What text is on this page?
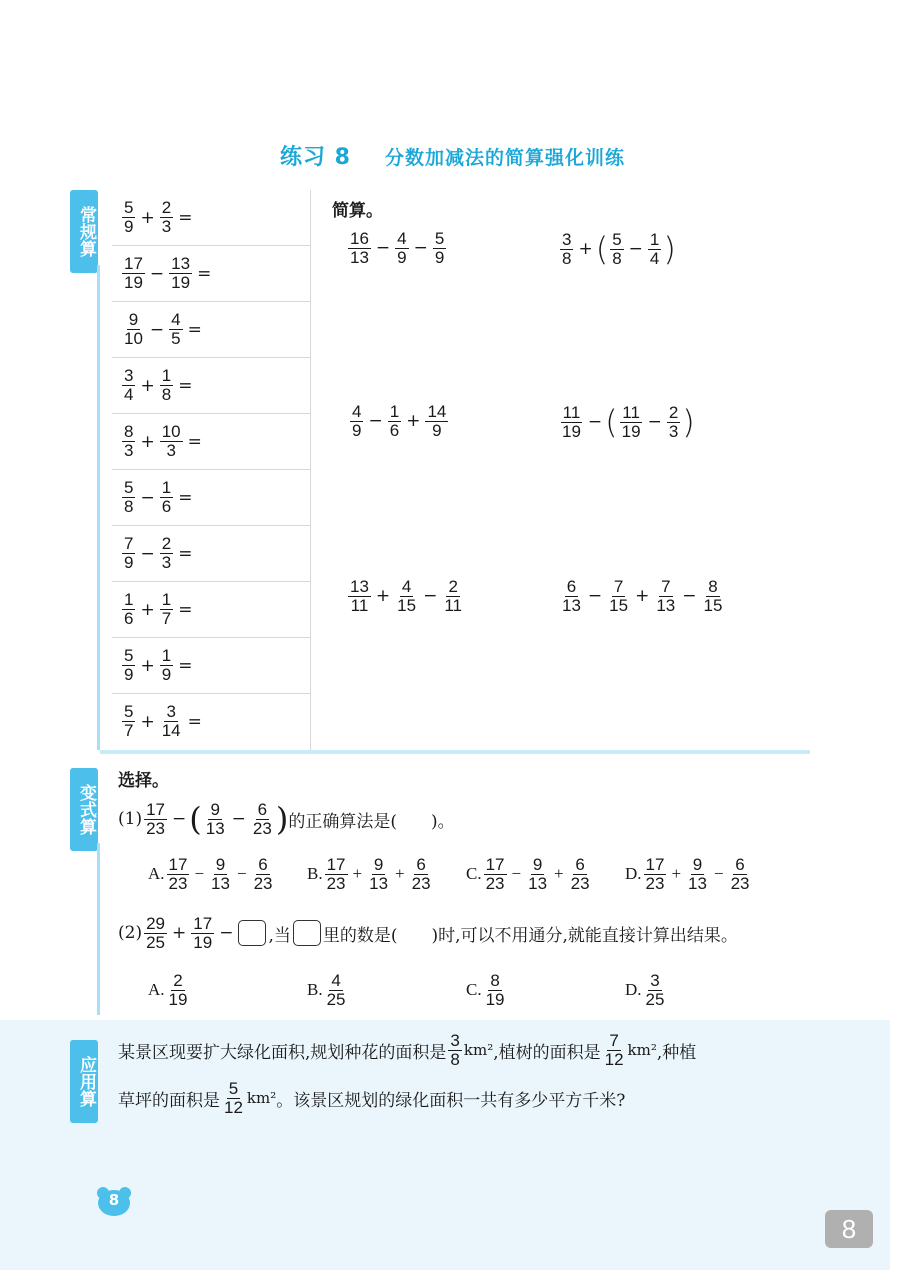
练习 8 分数加减法的简算强化训练
常规算
变式算
$\frac{5}{9} + \frac{2}{3}$ =
$\frac{17}{19} - \frac{13}{19}$ =
$\frac{9}{10} - \frac{4}{5}$ =
$\frac{3}{4} + \frac{1}{8}$ =
$\frac{8}{3} + \frac{10}{3}$ =
$\frac{5}{8} - \frac{1}{6}$ =
$\frac{7}{9} - \frac{2}{3}$ =
$\frac{1}{6} + \frac{1}{7}$ =
$\frac{5}{9} + \frac{1}{9}$ =
$\frac{5}{7} + \frac{3}{14}$ =
简算。
$\frac{16}{13} - \frac{4}{9} - \frac{5}{9}$	$\frac{3}{8}$ + ( $\frac{5}{8} - \frac{1}{4}$ )
$\frac{4}{9} - \frac{1}{6} + \frac{14}{9}$	$\frac{11}{19}$ − ( $\frac{11}{19} - \frac{2}{3}$ )
$\frac{13}{11} + \frac{4}{15} - \frac{2}{11}$	$\frac{6}{13} - \frac{7}{15} + \frac{7}{13} - \frac{8}{15}$
选择。
$(1) \frac{17}{23}$ − ( $\frac{9}{13} - \frac{6}{23}$ ) 的正确算法是(　　)。
A. $\frac{17}{23} - \frac{9}{13} - \frac{6}{23} B$. $\frac{17}{23} + \frac{9}{13} + \frac{6}{23} C$. $\frac{17}{23} - \frac{9}{13} + \frac{6}{23} D$. $\frac{17}{23} + \frac{9}{13} - \frac{6}{23}$
$(2) \frac{29}{25} + \frac{17}{19}$ − ,当 里的数是(　　)时,可以不用通分,就能直接计算出结果。
A. $\frac{2}{19}$	B. $\frac{4}{25}$	C. $\frac{8}{19}$	D. $\frac{3}{25}$
应用算
某景区现要扩大绿化面积,规划种花的面积是 $\frac{3}{8} km^2$ ,植树的面积是 $\frac{7}{12} km^2$ ,种植
草坪的面积是 $\frac{5}{12} km^2$ 。该景区规划的绿化面积一共有多少平方千米?
8
8
